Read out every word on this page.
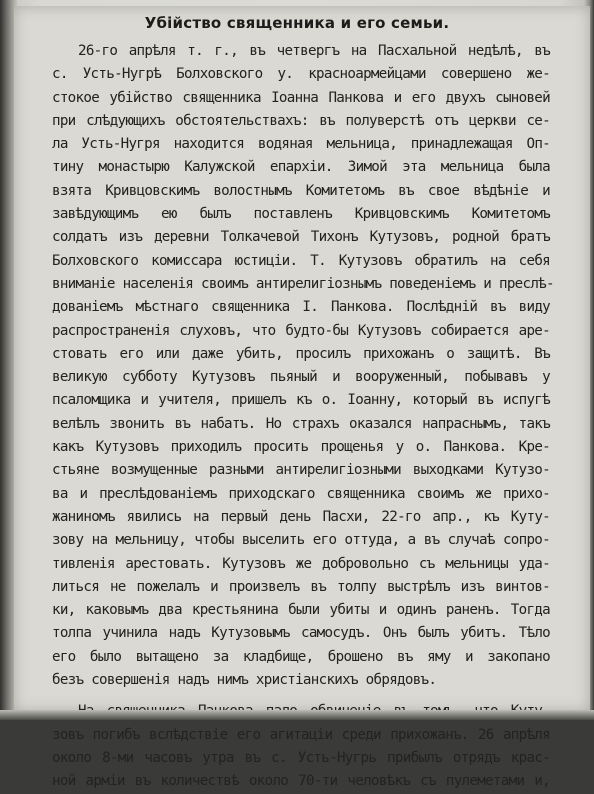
Убійство священника и его семьи.
26-го апрѣля т. г., въ четвергъ на Пасхальной недѣлѣ, въ
с. Усть-Нугрѣ Болховского у. красноармейцами совершено же-
стокое убійство священника Іоанна Панкова и его двухъ сыновей
при слѣдующихъ обстоятельствахъ: въ полуверстѣ отъ церкви се-
ла Усть-Нугря находится водяная мельница, принадлежащая Оп-
тину монастырю Калужской епархіи. Зимой эта мельница была
взята Кривцовскимъ волостнымъ Комитетомъ въ свое вѣдѣніе и
завѣдующимъ ею былъ поставленъ Кривцовскимъ Комитетомъ
солдатъ изъ деревни Толкачевой Тихонъ Кутузовъ, родной братъ
Болховского комиссара юстиціи. Т. Кутузовъ обратилъ на себя
вниманіе населенія своимъ антирелигіознымъ поведеніемъ и преслѣ-
дованіемъ мѣстнаго священника І. Панкова. Послѣдній въ виду
распространенія слуховъ, что будто-бы Кутузовъ собирается аре-
стовать его или даже убить, просилъ прихожанъ о защитѣ. Въ
великую субботу Кутузовъ пьяный и вооруженный, побывавъ у
псаломщика и учителя, пришелъ къ о. Іоанну, который въ испугѣ
велѣлъ звонить въ набатъ. Но страхъ оказался напраснымъ, такъ
какъ Кутузовъ приходилъ просить прощенья у о. Панкова. Кре-
стьяне возмущенные разными антирелигіозными выходками Кутузо-
ва и преслѣдованіемъ приходскаго священника своимъ же прихо-
жаниномъ явились на первый день Пасхи, 22-го апр., къ Куту-
зову на мельницу, чтобы выселить его оттуда, а въ случаѣ сопро-
тивленія арестовать. Кутузовъ же добровольно съ мельницы уда-
литься не пожелалъ и произвелъ въ толпу выстрѣлъ изъ винтов-
ки, каковымъ два крестьянина были убиты и одинъ раненъ. Тогда
толпа учинила надъ Кутузовымъ самосудъ. Онъ былъ убитъ. Тѣло
его было вытащено за кладбище, брошено въ яму и закопано
безъ совершенія надъ нимъ христіанскихъ обрядовъ.
зовъ погибъ вслѣдствіе его агитаціи среди прихожанъ. 26 апрѣля
около 8-ми часовъ утра въ с. Усть-Нугрь прибылъ отрядъ крас-
ной арміи въ количествѣ около 70-ти человѣкъ съ пулеметами и,
